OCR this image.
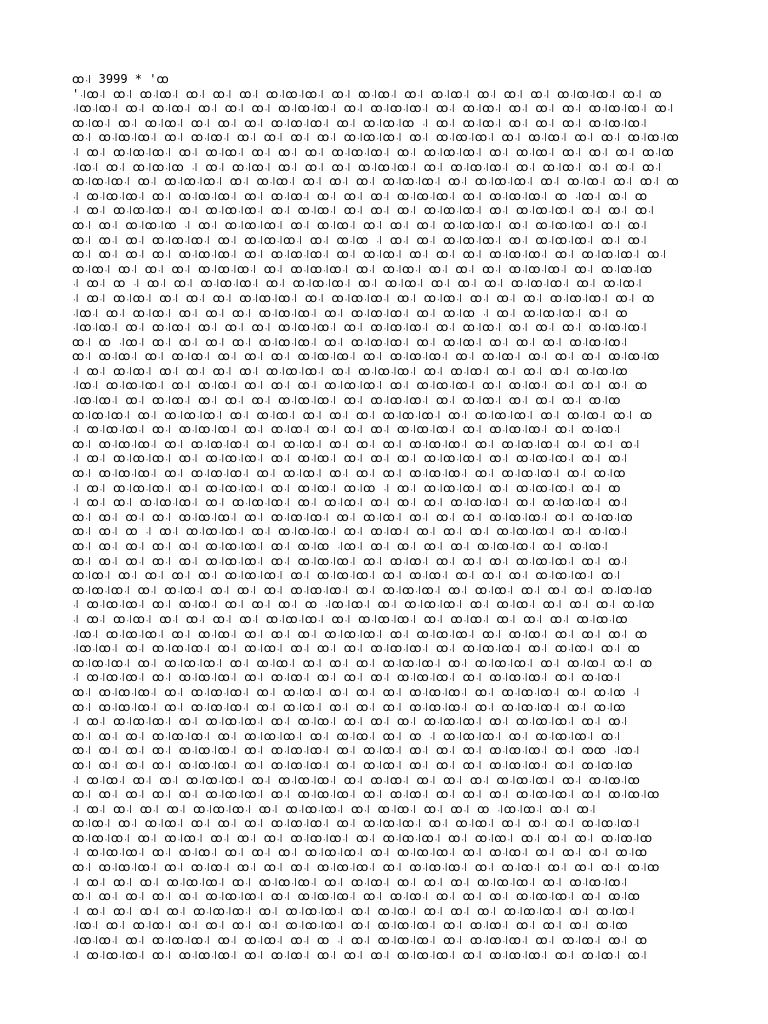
ꝏ꜋ 3999 * 'ꝏ
'꜋ꝏ꜋ ꝏ꜋ ꝏ꜋ꝏ꜋ ꝏ꜋ ꝏ꜋ ꝏ꜋ ꝏ꜋ꝏ꜋ꝏ꜋ ꝏ꜋ ꝏ꜋ꝏ꜋ ꝏ꜋ ꝏ꜋ꝏ꜋ ꝏ꜋ ꝏ꜋ ꝏ꜋ ꝏ꜋ꝏ꜋ꝏ꜋ ꝏ꜋ ꝏ
꜋ꝏ꜋ꝏ꜋ ꝏ꜋ ꝏ꜋ꝏ꜋ ꝏ꜋ ꝏ꜋ ꝏ꜋ ꝏ꜋ꝏ꜋ꝏ꜋ ꝏ꜋ ꝏ꜋ꝏ꜋ꝏ꜋ ꝏ꜋ ꝏ꜋ꝏ꜋ ꝏ꜋ ꝏ꜋ ꝏ꜋ ꝏ꜋ꝏ꜋ꝏ꜋ ꝏ꜋
ꝏ꜋ꝏ꜋ ꝏ꜋ ꝏ꜋ꝏ꜋ ꝏ꜋ ꝏ꜋ ꝏ꜋ ꝏ꜋ꝏ꜋ꝏ꜋ ꝏ꜋ ꝏ꜋ꝏ꜋ꝏ ꜋ ꝏ꜋ ꝏ꜋ꝏ꜋ ꝏ꜋ ꝏ꜋ ꝏ꜋ ꝏ꜋ꝏ꜋ꝏ꜋
ꝏ꜋ ꝏ꜋ꝏ꜋ꝏ꜋ ꝏ꜋ ꝏ꜋ꝏ꜋ ꝏ꜋ ꝏ꜋ ꝏ꜋ ꝏ꜋ ꝏ꜋ꝏ꜋ꝏ꜋ ꝏ꜋ ꝏ꜋ꝏ꜋ꝏ꜋ ꝏ꜋ ꝏ꜋ꝏ꜋ ꝏ꜋ ꝏ꜋ ꝏ꜋ꝏ꜋ꝏ
꜋ ꝏ꜋ ꝏ꜋ꝏ꜋ꝏ꜋ ꝏ꜋ ꝏ꜋ꝏ꜋ ꝏ꜋ ꝏ꜋ ꝏ꜋ ꝏ꜋ꝏ꜋ꝏ꜋ ꝏ꜋ ꝏ꜋ꝏ꜋ꝏ꜋ ꝏ꜋ ꝏ꜋ꝏ꜋ ꝏ꜋ ꝏ꜋ ꝏ꜋ ꝏ꜋ꝏ
꜋ꝏ꜋ ꝏ꜋ ꝏ꜋ꝏ꜋ꝏ ꜋ ꝏ꜋ ꝏ꜋ꝏ꜋ ꝏ꜋ ꝏ꜋ ꝏ꜋ ꝏ꜋ꝏ꜋ꝏ꜋ ꝏ꜋ ꝏ꜋ꝏ꜋ꝏ꜋ ꝏ꜋ ꝏ꜋ꝏ꜋ ꝏ꜋ ꝏ꜋ ꝏ꜋
ꝏ꜋ꝏ꜋ꝏ꜋ ꝏ꜋ ꝏ꜋ꝏ꜋ꝏ꜋ ꝏ꜋ ꝏ꜋ꝏ꜋ ꝏ꜋ ꝏ꜋ ꝏ꜋ ꝏ꜋ꝏ꜋ꝏ꜋ ꝏ꜋ ꝏ꜋ꝏ꜋ꝏ꜋ ꝏ꜋ ꝏ꜋ꝏ꜋ ꝏ꜋ ꝏ꜋ ꝏ
꜋ ꝏ꜋ꝏ꜋ꝏ꜋ ꝏ꜋ ꝏ꜋ꝏ꜋ꝏ꜋ ꝏ꜋ ꝏ꜋ꝏ꜋ ꝏ꜋ ꝏ꜋ ꝏ꜋ ꝏ꜋ꝏ꜋ꝏ꜋ ꝏ꜋ ꝏ꜋ꝏ꜋ꝏ꜋ ꝏ ꜋ꝏ꜋ ꝏ꜋ ꝏ
꜋ ꝏ꜋ ꝏ꜋ꝏ꜋ꝏ꜋ ꝏ꜋ ꝏ꜋ꝏ꜋ꝏ꜋ ꝏ꜋ ꝏ꜋ꝏ꜋ ꝏ꜋ ꝏ꜋ ꝏ꜋ ꝏ꜋ꝏ꜋ꝏ꜋ ꝏ꜋ ꝏ꜋ꝏ꜋ꝏ꜋ ꝏ꜋ ꝏ꜋ ꝏ꜋
ꝏ꜋ ꝏ꜋ ꝏ꜋ꝏ꜋ꝏ ꜋ ꝏ꜋ ꝏ꜋ꝏ꜋ꝏ꜋ ꝏ꜋ ꝏ꜋ꝏ꜋ ꝏ꜋ ꝏ꜋ ꝏ꜋ ꝏ꜋ꝏ꜋ꝏ꜋ ꝏ꜋ ꝏ꜋ꝏ꜋ꝏ꜋ ꝏ꜋ ꝏ꜋
ꝏ꜋ ꝏ꜋ ꝏ꜋ ꝏ꜋ꝏ꜋ꝏ꜋ ꝏ꜋ ꝏ꜋ꝏ꜋ꝏ꜋ ꝏ꜋ ꝏ꜋ꝏ ꜋ ꝏ꜋ ꝏ꜋ ꝏ꜋ꝏ꜋ꝏ꜋ ꝏ꜋ ꝏ꜋ꝏ꜋ꝏ꜋ ꝏ꜋ ꝏ꜋
ꝏ꜋ ꝏ꜋ ꝏ꜋ ꝏ꜋ ꝏ꜋ꝏ꜋ꝏ꜋ ꝏ꜋ ꝏ꜋ꝏ꜋ꝏ꜋ ꝏ꜋ ꝏ꜋ꝏ꜋ ꝏ꜋ ꝏ꜋ ꝏ꜋ ꝏ꜋ꝏ꜋ꝏ꜋ ꝏ꜋ ꝏ꜋ꝏ꜋ꝏ꜋ ꝏ꜋
ꝏ꜋ꝏ꜋ ꝏ꜋ ꝏ꜋ ꝏ꜋ ꝏ꜋ꝏ꜋ꝏ꜋ ꝏ꜋ ꝏ꜋ꝏ꜋ꝏ꜋ ꝏ꜋ ꝏ꜋ꝏ꜋ ꝏ꜋ ꝏ꜋ ꝏ꜋ ꝏ꜋ꝏ꜋ꝏ꜋ ꝏ꜋ ꝏ꜋ꝏ꜋ꝏ
꜋ ꝏ꜋ ꝏ ꜋ ꝏ꜋ ꝏ꜋ ꝏ꜋ꝏ꜋ꝏ꜋ ꝏ꜋ ꝏ꜋ꝏ꜋ꝏ꜋ ꝏ꜋ ꝏ꜋ꝏ꜋ ꝏ꜋ ꝏ꜋ ꝏ꜋ ꝏ꜋ꝏ꜋ꝏ꜋ ꝏ꜋ ꝏ꜋ꝏ꜋
꜋ ꝏ꜋ ꝏ꜋ꝏ꜋ ꝏ꜋ ꝏ꜋ ꝏ꜋ ꝏ꜋ꝏ꜋ꝏ꜋ ꝏ꜋ ꝏ꜋ꝏ꜋ꝏ꜋ ꝏ꜋ ꝏ꜋ꝏ꜋ ꝏ꜋ ꝏ꜋ ꝏ꜋ ꝏ꜋ꝏ꜋ꝏ꜋ ꝏ꜋ ꝏ
꜋ꝏ꜋ ꝏ꜋ ꝏ꜋ꝏ꜋ ꝏ꜋ ꝏ꜋ ꝏ꜋ ꝏ꜋ꝏ꜋ꝏ꜋ ꝏ꜋ ꝏ꜋ꝏ꜋ꝏ꜋ ꝏ꜋ ꝏ꜋ꝏ ꜋ ꝏ꜋ ꝏ꜋ꝏ꜋ꝏ꜋ ꝏ꜋ ꝏ
꜋ꝏ꜋ꝏ꜋ ꝏ꜋ ꝏ꜋ꝏ꜋ ꝏ꜋ ꝏ꜋ ꝏ꜋ ꝏ꜋ꝏ꜋ꝏ꜋ ꝏ꜋ ꝏ꜋ꝏ꜋ꝏ꜋ ꝏ꜋ ꝏ꜋ꝏ꜋ ꝏ꜋ ꝏ꜋ ꝏ꜋ ꝏ꜋ꝏ꜋ꝏ꜋
ꝏ꜋ ꝏ ꜋ꝏ꜋ ꝏ꜋ ꝏ꜋ ꝏ꜋ ꝏ꜋ ꝏ꜋ꝏ꜋ꝏ꜋ ꝏ꜋ ꝏ꜋ꝏ꜋ꝏ꜋ ꝏ꜋ ꝏ꜋ꝏ꜋ ꝏ꜋ ꝏ꜋ ꝏ꜋ ꝏ꜋ꝏ꜋ꝏ꜋
ꝏ꜋ ꝏ꜋ꝏ꜋ ꝏ꜋ ꝏ꜋ꝏ꜋ ꝏ꜋ ꝏ꜋ ꝏ꜋ ꝏ꜋ꝏ꜋ꝏ꜋ ꝏ꜋ ꝏ꜋ꝏ꜋ꝏ꜋ ꝏ꜋ ꝏ꜋ꝏ꜋ ꝏ꜋ ꝏ꜋ ꝏ꜋ ꝏ꜋ꝏ꜋ꝏ
꜋ ꝏ꜋ ꝏ꜋ꝏ꜋ ꝏ꜋ ꝏ꜋ ꝏ꜋ ꝏ꜋ ꝏ꜋ꝏ꜋ꝏ꜋ ꝏ꜋ ꝏ꜋ꝏ꜋ꝏ꜋ ꝏ꜋ ꝏ꜋ꝏ꜋ ꝏ꜋ ꝏ꜋ ꝏ꜋ ꝏ꜋ꝏ꜋ꝏ
꜋ꝏ꜋ ꝏ꜋ꝏ꜋ꝏ꜋ ꝏ꜋ ꝏ꜋ꝏ꜋ ꝏ꜋ ꝏ꜋ ꝏ꜋ ꝏ꜋ꝏ꜋ꝏ꜋ ꝏ꜋ ꝏ꜋ꝏ꜋ꝏ꜋ ꝏ꜋ ꝏ꜋ꝏ꜋ ꝏ꜋ ꝏ꜋ ꝏ꜋ ꝏ
꜋ꝏ꜋ꝏ꜋ ꝏ꜋ ꝏ꜋ꝏ꜋ ꝏ꜋ ꝏ꜋ ꝏ꜋ ꝏ꜋ꝏ꜋ꝏ꜋ ꝏ꜋ ꝏ꜋ꝏ꜋ꝏ꜋ ꝏ꜋ ꝏ꜋ꝏ꜋ ꝏ꜋ ꝏ꜋ ꝏ꜋ ꝏ꜋ꝏ
ꝏ꜋ꝏ꜋ꝏ꜋ ꝏ꜋ ꝏ꜋ꝏ꜋ꝏ꜋ ꝏ꜋ ꝏ꜋ꝏ꜋ ꝏ꜋ ꝏ꜋ ꝏ꜋ ꝏ꜋ꝏ꜋ꝏ꜋ ꝏ꜋ ꝏ꜋ꝏ꜋ꝏ꜋ ꝏ꜋ ꝏ꜋ꝏ꜋ ꝏ꜋ ꝏ
꜋ ꝏ꜋ꝏ꜋ꝏ꜋ ꝏ꜋ ꝏ꜋ꝏ꜋ꝏ꜋ ꝏ꜋ ꝏ꜋ꝏ꜋ ꝏ꜋ ꝏ꜋ ꝏ꜋ ꝏ꜋ꝏ꜋ꝏ꜋ ꝏ꜋ ꝏ꜋ꝏ꜋ꝏ꜋ ꝏ꜋ ꝏ꜋ꝏ꜋
ꝏ꜋ ꝏ꜋ꝏ꜋ꝏ꜋ ꝏ꜋ ꝏ꜋ꝏ꜋ꝏ꜋ ꝏ꜋ ꝏ꜋ꝏ꜋ ꝏ꜋ ꝏ꜋ ꝏ꜋ ꝏ꜋ꝏ꜋ꝏ꜋ ꝏ꜋ ꝏ꜋ꝏ꜋ꝏ꜋ ꝏ꜋ ꝏ꜋ ꝏ꜋
꜋ ꝏ꜋ ꝏ꜋ꝏ꜋ꝏ꜋ ꝏ꜋ ꝏ꜋ꝏ꜋ꝏ꜋ ꝏ꜋ ꝏ꜋ꝏ꜋ ꝏ꜋ ꝏ꜋ ꝏ꜋ ꝏ꜋ꝏ꜋ꝏ꜋ ꝏ꜋ ꝏ꜋ꝏ꜋ꝏ꜋ ꝏ꜋ ꝏ꜋
ꝏ꜋ ꝏ꜋ꝏ꜋ꝏ꜋ ꝏ꜋ ꝏ꜋ꝏ꜋ꝏ꜋ ꝏ꜋ ꝏ꜋ꝏ꜋ ꝏ꜋ ꝏ꜋ ꝏ꜋ ꝏ꜋ꝏ꜋ꝏ꜋ ꝏ꜋ ꝏ꜋ꝏ꜋ꝏ꜋ ꝏ꜋ ꝏ꜋ꝏ
꜋ ꝏ꜋ ꝏ꜋ꝏ꜋ꝏ꜋ ꝏ꜋ ꝏ꜋ꝏ꜋ꝏ꜋ ꝏ꜋ ꝏ꜋ꝏ꜋ ꝏ꜋ꝏ ꜋ ꝏ꜋ ꝏ꜋ꝏ꜋ꝏ꜋ ꝏ꜋ ꝏ꜋ꝏ꜋ꝏ꜋ ꝏ꜋ ꝏ
꜋ ꝏ꜋ ꝏ꜋ ꝏ꜋ꝏ꜋ꝏ꜋ ꝏ꜋ ꝏ꜋ꝏ꜋ꝏ꜋ ꝏ꜋ ꝏ꜋ꝏ꜋ ꝏ꜋ ꝏ꜋ ꝏ꜋ ꝏ꜋ꝏ꜋ꝏ꜋ ꝏ꜋ ꝏ꜋ꝏ꜋ꝏ꜋ ꝏ꜋
ꝏ꜋ ꝏ꜋ ꝏ꜋ ꝏ꜋ ꝏ꜋ꝏ꜋ꝏ꜋ ꝏ꜋ ꝏ꜋ꝏ꜋ꝏ꜋ ꝏ꜋ ꝏ꜋ꝏ꜋ ꝏ꜋ ꝏ꜋ ꝏ꜋ ꝏ꜋ꝏ꜋ꝏ꜋ ꝏ꜋ ꝏ꜋ꝏ꜋ꝏ
ꝏ꜋ ꝏ꜋ ꝏ ꜋ ꝏ꜋ ꝏ꜋ꝏ꜋ꝏ꜋ ꝏ꜋ ꝏ꜋ꝏ꜋ꝏ꜋ ꝏ꜋ ꝏ꜋ꝏ꜋ ꝏ꜋ ꝏ꜋ ꝏ꜋ ꝏ꜋ꝏ꜋ꝏ꜋ ꝏ꜋ ꝏ꜋ꝏ꜋
ꝏ꜋ ꝏ꜋ ꝏ꜋ ꝏ꜋ ꝏ꜋ ꝏ꜋ꝏ꜋ꝏ꜋ ꝏ꜋ ꝏ꜋ꝏ ꜋ꝏ꜋ ꝏ꜋ ꝏ꜋ ꝏ꜋ ꝏ꜋ ꝏ꜋ꝏ꜋ꝏ꜋ ꝏ꜋ ꝏ꜋ꝏ꜋
ꝏ꜋ ꝏ꜋ ꝏ꜋ ꝏ꜋ ꝏ꜋ ꝏ꜋ꝏ꜋ꝏ꜋ ꝏ꜋ ꝏ꜋ꝏ꜋ꝏ꜋ ꝏ꜋ ꝏ꜋ꝏ꜋ ꝏ꜋ ꝏ꜋ ꝏ꜋ ꝏ꜋ꝏ꜋ꝏ꜋ ꝏ꜋ ꝏ꜋
ꝏ꜋ꝏ꜋ ꝏ꜋ ꝏ꜋ ꝏ꜋ ꝏ꜋ ꝏ꜋ꝏ꜋ꝏ꜋ ꝏ꜋ ꝏ꜋ꝏ꜋ꝏ꜋ ꝏ꜋ ꝏ꜋ꝏ꜋ ꝏ꜋ ꝏ꜋ ꝏ꜋ ꝏ꜋ꝏ꜋ꝏ꜋ ꝏ꜋
ꝏ꜋ꝏ꜋ꝏ꜋ ꝏ꜋ ꝏ꜋ꝏ꜋ ꝏ꜋ ꝏ꜋ ꝏ꜋ ꝏ꜋ꝏ꜋ꝏ꜋ ꝏ꜋ ꝏ꜋ꝏ꜋ꝏ꜋ ꝏ꜋ ꝏ꜋ꝏ꜋ ꝏ꜋ ꝏ꜋ ꝏ꜋ ꝏ꜋ꝏ꜋ꝏ
꜋ ꝏ꜋ꝏ꜋ꝏ꜋ ꝏ꜋ ꝏ꜋ꝏ꜋ ꝏ꜋ ꝏ꜋ ꝏ꜋ ꝏ ꜋ꝏ꜋ꝏ꜋ ꝏ꜋ ꝏ꜋ꝏ꜋ꝏ꜋ ꝏ꜋ ꝏ꜋ꝏ꜋ ꝏ꜋ ꝏ꜋ ꝏ꜋ ꝏ꜋ꝏ
꜋ ꝏ꜋ ꝏ꜋ꝏ꜋ ꝏ꜋ ꝏ꜋ ꝏ꜋ ꝏ꜋ ꝏ꜋ꝏ꜋ꝏ꜋ ꝏ꜋ ꝏ꜋ꝏ꜋ꝏ꜋ ꝏ꜋ ꝏ꜋ꝏ꜋ ꝏ꜋ ꝏ꜋ ꝏ꜋ ꝏ꜋ꝏ꜋ꝏ
꜋ꝏ꜋ ꝏ꜋ꝏ꜋ꝏ꜋ ꝏ꜋ ꝏ꜋ꝏ꜋ ꝏ꜋ ꝏ꜋ ꝏ꜋ ꝏ꜋ꝏ꜋ꝏ꜋ ꝏ꜋ ꝏ꜋ꝏ꜋ꝏ꜋ ꝏ꜋ ꝏ꜋ꝏ꜋ ꝏ꜋ ꝏ꜋ ꝏ꜋ ꝏ
꜋ꝏ꜋ꝏ꜋ ꝏ꜋ ꝏ꜋ꝏ꜋ꝏ꜋ ꝏ꜋ ꝏ꜋ꝏ꜋ ꝏ꜋ ꝏ꜋ ꝏ꜋ ꝏ꜋ꝏ꜋ꝏ꜋ ꝏ꜋ ꝏ꜋ꝏ꜋ꝏ꜋ ꝏ꜋ ꝏ꜋ꝏ꜋ ꝏ꜋ ꝏ
ꝏ꜋ꝏ꜋ꝏ꜋ ꝏ꜋ ꝏ꜋ꝏ꜋ꝏ꜋ ꝏ꜋ ꝏ꜋ꝏ꜋ ꝏ꜋ ꝏ꜋ ꝏ꜋ ꝏ꜋ꝏ꜋ꝏ꜋ ꝏ꜋ ꝏ꜋ꝏ꜋ꝏ꜋ ꝏ꜋ ꝏ꜋ꝏ꜋ ꝏ꜋ ꝏ
꜋ ꝏ꜋ꝏ꜋ꝏ꜋ ꝏ꜋ ꝏ꜋ꝏ꜋ꝏ꜋ ꝏ꜋ ꝏ꜋ꝏ꜋ ꝏ꜋ ꝏ꜋ ꝏ꜋ ꝏ꜋ꝏ꜋ꝏ꜋ ꝏ꜋ ꝏ꜋ꝏ꜋ꝏ꜋ ꝏ꜋ ꝏ꜋ꝏ꜋
ꝏ꜋ ꝏ꜋ꝏ꜋ꝏ꜋ ꝏ꜋ ꝏ꜋ꝏ꜋ꝏ꜋ ꝏ꜋ ꝏ꜋ꝏ꜋ ꝏ꜋ ꝏ꜋ ꝏ꜋ ꝏ꜋ꝏ꜋ꝏ꜋ ꝏ꜋ ꝏ꜋ꝏ꜋ꝏ꜋ ꝏ꜋ ꝏ꜋ꝏ ꜋
ꝏ꜋ ꝏ꜋ꝏ꜋ꝏ꜋ ꝏ꜋ ꝏ꜋ꝏ꜋ꝏ꜋ ꝏ꜋ ꝏ꜋ꝏ꜋ ꝏ꜋ ꝏ꜋ ꝏ꜋ ꝏ꜋ꝏ꜋ꝏ꜋ ꝏ꜋ ꝏ꜋ꝏ꜋ꝏ꜋ ꝏ꜋ ꝏ꜋ꝏ
꜋ ꝏ꜋ ꝏ꜋ꝏ꜋ꝏ꜋ ꝏ꜋ ꝏ꜋ꝏ꜋ꝏ꜋ ꝏ꜋ ꝏ꜋ꝏ꜋ ꝏ꜋ ꝏ꜋ ꝏ꜋ ꝏ꜋ꝏ꜋ꝏ꜋ ꝏ꜋ ꝏ꜋ꝏ꜋ꝏ꜋ ꝏ꜋ ꝏ꜋
ꝏ꜋ ꝏ꜋ ꝏ꜋ ꝏ꜋ꝏ꜋ꝏ꜋ ꝏ꜋ ꝏ꜋ꝏ꜋ꝏ꜋ ꝏ꜋ ꝏ꜋ꝏ꜋ ꝏ꜋ ꝏ ꜋ ꝏ꜋ꝏ꜋ꝏ꜋ ꝏ꜋ ꝏ꜋ꝏ꜋ꝏ꜋ ꝏ꜋
ꝏ꜋ ꝏ꜋ ꝏ꜋ ꝏ꜋ ꝏ꜋ꝏ꜋ꝏ꜋ ꝏ꜋ ꝏ꜋ꝏ꜋ꝏ꜋ ꝏ꜋ ꝏ꜋ꝏ꜋ ꝏ꜋ ꝏ꜋ ꝏ꜋ ꝏ꜋ꝏ꜋ꝏ꜋ ꝏ꜋ ꝏꝏ ꜋ꝏ꜋
ꝏ꜋ ꝏ꜋ ꝏ꜋ ꝏ꜋ ꝏ꜋ꝏ꜋ꝏ꜋ ꝏ꜋ ꝏ꜋ꝏ꜋ꝏ꜋ ꝏ꜋ ꝏ꜋ꝏ꜋ ꝏ꜋ ꝏ꜋ ꝏ꜋ ꝏ꜋ꝏ꜋ꝏ꜋ ꝏ꜋ ꝏ꜋ꝏ꜋ꝏ
꜋ ꝏ꜋ꝏ꜋ ꝏ꜋ ꝏ꜋ ꝏ꜋ꝏ꜋ꝏ꜋ ꝏ꜋ ꝏ꜋ꝏ꜋ꝏ꜋ ꝏ꜋ ꝏ꜋ꝏ꜋ ꝏ꜋ ꝏ꜋ ꝏ꜋ ꝏ꜋ꝏ꜋ꝏ꜋ ꝏ꜋ ꝏ꜋ꝏ꜋ꝏ
ꝏ꜋ ꝏ꜋ ꝏ꜋ ꝏ꜋ ꝏ꜋ ꝏ꜋ꝏ꜋ꝏ꜋ ꝏ꜋ ꝏ꜋ꝏ꜋ꝏ꜋ ꝏ꜋ ꝏ꜋ꝏ꜋ ꝏ꜋ ꝏ꜋ ꝏ꜋ ꝏ꜋ꝏ꜋ꝏ꜋ ꝏ꜋ ꝏ꜋ꝏ꜋ꝏ
꜋ ꝏ꜋ ꝏ꜋ ꝏ꜋ ꝏ꜋ ꝏ꜋ꝏ꜋ꝏ꜋ ꝏ꜋ ꝏ꜋ꝏ꜋ꝏ꜋ ꝏ꜋ ꝏ꜋ꝏ꜋ ꝏ꜋ ꝏ꜋ ꝏ ꜋ꝏ꜋ꝏ꜋ ꝏ꜋ ꝏ꜋
ꝏ꜋ꝏ꜋ ꝏ꜋ ꝏ꜋ꝏ꜋ ꝏ꜋ ꝏ꜋ ꝏ꜋ ꝏ꜋ꝏ꜋ꝏ꜋ ꝏ꜋ ꝏ꜋ꝏ꜋ꝏ꜋ ꝏ꜋ ꝏ꜋ꝏ꜋ ꝏ꜋ ꝏ꜋ ꝏ꜋ ꝏ꜋ꝏ꜋ꝏ꜋
ꝏ꜋ꝏ꜋ꝏ꜋ ꝏ꜋ ꝏ꜋ꝏ꜋ ꝏ꜋ ꝏ꜋ ꝏ꜋ ꝏ꜋ꝏ꜋ꝏ꜋ ꝏ꜋ ꝏ꜋ꝏ꜋ꝏ꜋ ꝏ꜋ ꝏ꜋ꝏ꜋ ꝏ꜋ ꝏ꜋ ꝏ꜋ ꝏ꜋ꝏ꜋ꝏ
꜋ ꝏ꜋ꝏ꜋ꝏ꜋ ꝏ꜋ ꝏ꜋ꝏ꜋ ꝏ꜋ ꝏ꜋ ꝏ꜋ ꝏ꜋ꝏ꜋ꝏ꜋ ꝏ꜋ ꝏ꜋ꝏ꜋ꝏ꜋ ꝏ꜋ ꝏ꜋ꝏ꜋ ꝏ꜋ ꝏ꜋ ꝏ꜋ ꝏ꜋ꝏ
ꝏ꜋ ꝏ꜋ꝏ꜋ꝏ꜋ ꝏ꜋ ꝏ꜋ꝏ꜋ ꝏ꜋ ꝏ꜋ ꝏ꜋ ꝏ꜋ꝏ꜋ꝏ꜋ ꝏ꜋ ꝏ꜋ꝏ꜋ꝏ꜋ ꝏ꜋ ꝏ꜋ꝏ꜋ ꝏ꜋ ꝏ꜋ ꝏ꜋ ꝏ꜋ꝏ
꜋ ꝏ꜋ ꝏ꜋ ꝏ꜋ ꝏ꜋ꝏ꜋ꝏ꜋ ꝏ꜋ ꝏ꜋ꝏ꜋ꝏ꜋ ꝏ꜋ ꝏ꜋ꝏ꜋ ꝏ꜋ ꝏ꜋ ꝏ꜋ ꝏ꜋ꝏ꜋ꝏ꜋ ꝏ꜋ ꝏ꜋ꝏ꜋ꝏ꜋
ꝏ꜋ ꝏ꜋ ꝏ꜋ ꝏ꜋ ꝏ꜋ ꝏ꜋ꝏ꜋ꝏ꜋ ꝏ꜋ ꝏ꜋ꝏ꜋ꝏ꜋ ꝏ꜋ ꝏ꜋ꝏ꜋ ꝏ꜋ ꝏ꜋ ꝏ꜋ ꝏ꜋ꝏ꜋ꝏ꜋ ꝏ꜋ ꝏ꜋ꝏ
꜋ ꝏ꜋ ꝏ꜋ ꝏ꜋ ꝏ꜋ ꝏ꜋ꝏ꜋ꝏ꜋ ꝏ꜋ ꝏ꜋ꝏ꜋ꝏ꜋ ꝏ꜋ ꝏ꜋ꝏ꜋ ꝏ꜋ ꝏ꜋ ꝏ꜋ ꝏ꜋ꝏ꜋ꝏ꜋ ꝏ꜋ ꝏ꜋ꝏ꜋
꜋ꝏ꜋ ꝏ꜋ ꝏ꜋ꝏ꜋ ꝏ꜋ ꝏ꜋ ꝏ꜋ ꝏ꜋ ꝏ꜋ꝏ꜋ꝏ꜋ ꝏ꜋ ꝏ꜋ꝏ꜋ꝏ꜋ ꝏ꜋ ꝏ꜋ꝏ꜋ ꝏ꜋ ꝏ꜋ ꝏ꜋ ꝏ꜋ꝏ
꜋ꝏ꜋ꝏ꜋ ꝏ꜋ ꝏ꜋ꝏ꜋ꝏ꜋ ꝏ꜋ ꝏ꜋ꝏ꜋ ꝏ꜋ ꝏ ꜋ ꝏ꜋ ꝏ꜋ꝏ꜋ꝏ꜋ ꝏ꜋ ꝏ꜋ꝏ꜋ꝏ꜋ ꝏ꜋ ꝏ꜋ꝏ꜋ ꝏ꜋ ꝏ
꜋ ꝏ꜋ꝏ꜋ꝏ꜋ ꝏ꜋ ꝏ꜋ꝏ꜋ꝏ꜋ ꝏ꜋ ꝏ꜋ꝏ꜋ ꝏ꜋ ꝏ꜋ ꝏ꜋ ꝏ꜋ꝏ꜋ꝏ꜋ ꝏ꜋ ꝏ꜋ꝏ꜋ꝏ꜋ ꝏ꜋ ꝏ꜋ꝏ꜋ ꝏ꜋
